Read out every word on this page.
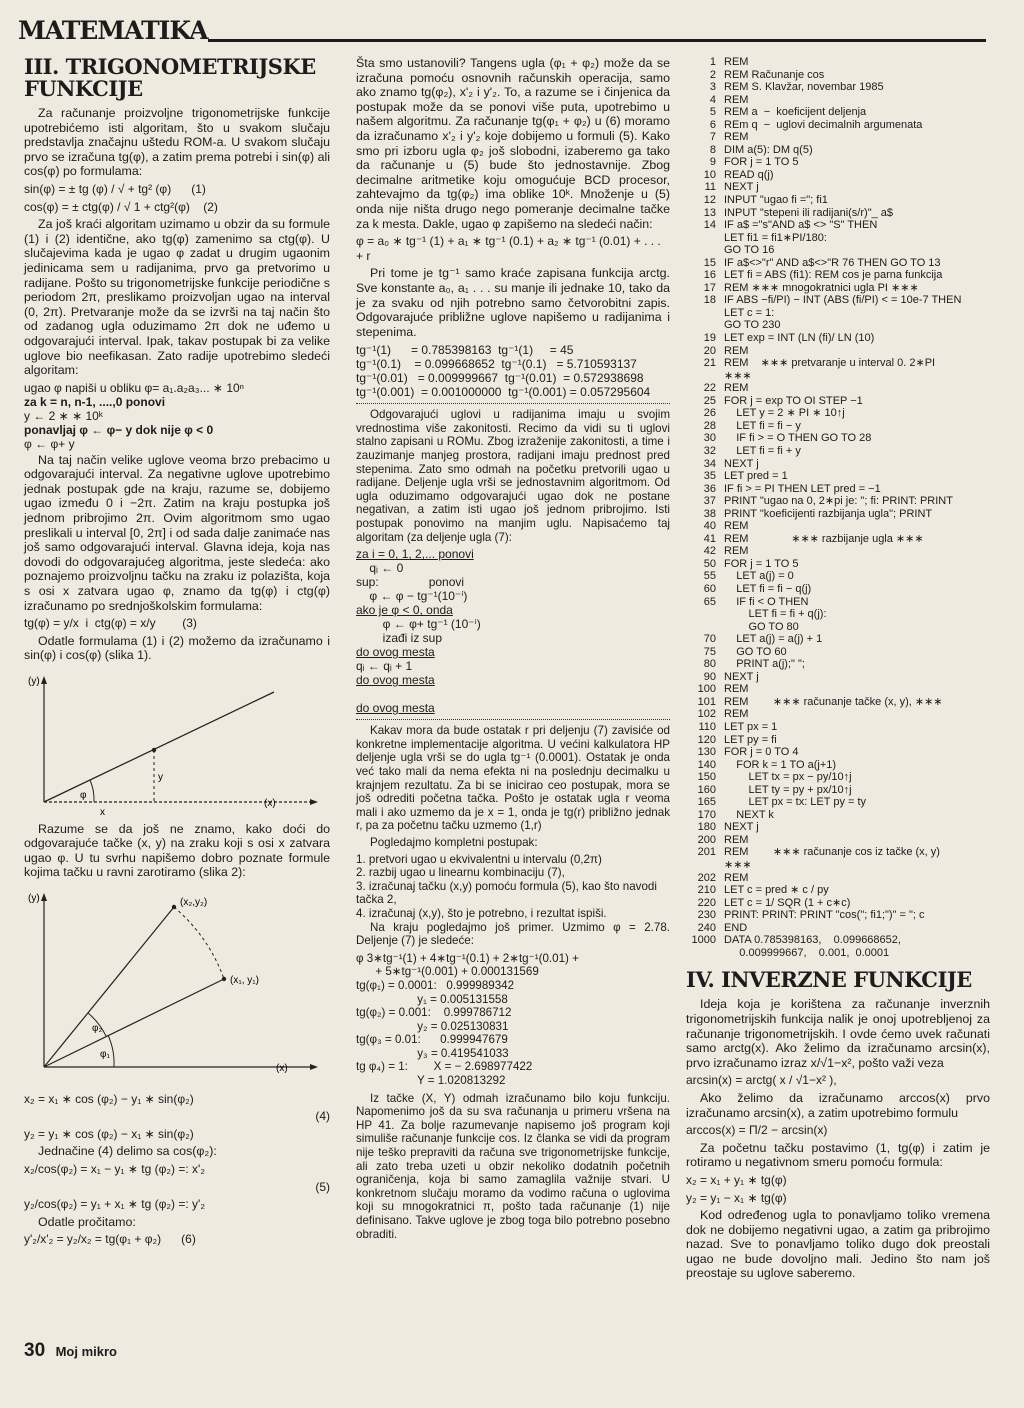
MATEMATIKA
III. TRIGONOMETRIJSKE FUNKCIJE

Za računanje proizvoljne trigonometrijske funkcije upotrebićemo isti algoritam, što u svakom slučaju predstavlja značajnu uštedu ROM-a. U svakom slučaju prvo se izračuna tg(φ), a zatim prema potrebi i sin(φ) ali cos(φ) po formulama:

sin(φ) = ± tg (φ) / √ + tg² (φ)      (1)
cos(φ) = ± ctg(φ) / √ 1 + ctg²(φ)    (2)

Za još kraći algoritam uzimamo u obzir da su formule (1) i (2) identične, ako tg(φ) zamenimo sa ctg(φ). U slučajevima kada je ugao φ zadat u drugim ugaonim jedinicama sem u radijanima, prvo ga pretvorimo u radijane. Pošto su trigonometrijske funkcije periodične s periodom 2π, preslikamo proizvoljan ugao na interval (0, 2π). Pretvaranje može da se izvrši na taj način što od zadanog ugla oduzimamo 2π dok ne uđemo u odgovarajući interval. Ipak, takav postupak bi za velike uglove bio neefikasan. Zato radije upotrebimo sledeći algoritam:

ugao φ napiši u obliku φ= a₁.a₂a₃... ∗ 10ⁿ
za k = n, n-1, ....,0 ponovi
y ← 2 ∗ ∗ 10ᵏ
ponavljaj φ ← φ− y dok nije φ < 0
φ ← φ+ y

Na taj način velike uglove veoma brzo prebacimo u odgovarajući interval. Za negativne uglove upotrebimo jednak postupak gde na kraju, razume se, dobijemo ugao između 0 i −2π. Zatim na kraju postupka još jednom pribrojimo 2π. Ovim algoritmom smo ugao preslikali u interval [0, 2π] i od sada dalje zanimaće nas još samo odgovarajući interval. Glavna ideja, koja nas dovodi do odgovarajućeg algoritma, jeste sledeća: ako poznajemo proizvoljnu tačku na zraku iz polazišta, koja s osi x zatvara ugao φ, znamo da tg(φ) i ctg(φ) izračunamo po srednjoškolskim formulama:

tg(φ) = y/x  i  ctg(φ) = x/y        (3)

Odatle formulama (1) i (2) možemo da izračunamo i sin(φ) i cos(φ) (slika 1).

(y)
(x)
φ
x
y

Razume se da još ne znamo, kako doći do odgovarajuće tačke (x, y) na zraku koji s osi x zatvara ugao φ. U tu svrhu napišemo dobro poznate formule kojima tačku u ravni zarotiramo (slika 2):

(y)
(x)
(x₂,y₂)
(x₁, y₁)
φ₂
φ₁
x₂ = x₁ ∗ cos (φ₂) − y₁ ∗ sin(φ₂)
(4)
y₂ = y₁ ∗ cos (φ₂) − x₁ ∗ sin(φ₂)

Jednačine (4) delimo sa cos(φ₂):

x₂/cos(φ₂) = x₁ − y₁ ∗ tg (φ₂) =: x'₂
(5)
y₂/cos(φ₂) = y₁ + x₁ ∗ tg (φ₂) =: y'₂

Odatle pročitamo:

y'₂/x'₂ = y₂/x₂ = tg(φ₁ + φ₂)      (6)

Šta smo ustanovili? Tangens ugla (φ₁ + φ₂) može da se izračuna pomoću osnovnih računskih operacija, samo ako znamo tg(φ₂), x'₂ i y'₂. To, a razume se i činjenica da postupak može da se ponovi više puta, upotrebimo u našem algoritmu. Za računanje tg(φ₁ + φ₂) u (6) moramo da izračunamo x'₂ i y'₂ koje dobijemo u formuli (5). Kako smo pri izboru ugla φ₂ još slobodni, izaberemo ga tako da računanje u (5) bude što jednostavnije. Zbog decimalne aritmetike koju omogućuje BCD procesor, zahtevajmo da tg(φ₂) ima oblike 10ᵏ. Množenje u (5) onda nije ništa drugo nego pomeranje decimalne tačke za k mesta. Dakle, ugao φ zapišemo na sledeći način:

φ = a₀ ∗ tg⁻¹ (1) + a₁ ∗ tg⁻¹ (0.1) + a₂ ∗ tg⁻¹ (0.01) + . . . + r

Pri tome je tg⁻¹ samo kraće zapisana funkcija arctg. Sve konstante a₀, a₁ . . . su manje ili jednake 10, tako da je za svaku od njih potrebno samo četvorobitni zapis. Odgovarajuće približne uglove napišemo u radijanima i stepenima.

tg⁻¹(1)      = 0.785398163  tg⁻¹(1)     = 45
tg⁻¹(0.1)    = 0.099668652  tg⁻¹(0.1)   = 5.710593137
tg⁻¹(0.01)   = 0.009999667  tg⁻¹(0.01)  = 0.572938698
tg⁻¹(0.001)  = 0.001000000  tg⁻¹(0.001) = 0.057295604

Odgovarajući uglovi u radijanima imaju u svojim vrednostima više zakonitosti. Recimo da vidi su ti uglovi stalno zapisani u ROMu. Zbog izraženije zakonitosti, a time i zauzimanje manjeg prostora, radijani imaju prednost pred stepenima. Zato smo odmah na početku pretvorili ugao u radijane. Deljenje ugla vrši se jednostavnim algoritmom. Od ugla oduzimamo odgovarajući ugao dok ne postane negativan, a zatim isti ugao još jednom pribrojimo. Isti postupak ponovimo na manjim uglu. Napisaćemo taj algoritam (za deljenje ugla (7):

za i = 0, 1, 2,... ponovi
qᵢ ← 0
sup:               ponovi
φ ← φ − tg⁻¹(10⁻ⁱ)
ako je φ < 0, onda
φ ← φ+ tg⁻¹ (10⁻ⁱ)
izađi iz sup
do ovog mesta
qᵢ ← qᵢ + 1
do ovog mesta

do ovog mesta

Kakav mora da bude ostatak r pri deljenju (7) zavisiće od konkretne implementacije algoritma. U većini kalkulatora HP deljenje ugla vrši se do ugla tg⁻¹ (0.0001). Ostatak je onda već tako mali da nema efekta ni na poslednju decimalku u krajnjem rezultatu. Za bi se iniciraо ceo postupak, mora se još odrediti početna tačka. Pošto je ostatak ugla r veoma mali i ako uzmemo da je x = 1, onda je tg(r) približno jednak r, pa za početnu tačku uzmemo (1,r)

Pogledajmo kompletni postupak:

1. pretvori ugao u ekvivalentni u intervalu (0,2π)
2. razbij ugao u linearnu kombinaciju (7),
3. izračunaj tačku (x,y) pomoću formula (5), kao što navodi tačka 2,
4. izračunaj (x,y), što je potrebno, i rezultat ispiši.

Na kraju pogledajmo još primer. Uzmimo φ = 2.78. Deljenje (7) je sledeće:

φ 3∗tg⁻¹(1) + 4∗tg⁻¹(0.1) + 2∗tg⁻¹(0.01) +
+ 5∗tg⁻¹(0.001) + 0.000131569
tg(φ₁) = 0.0001:   0.999989342
y₁ = 0.005131558
tg(φ₂) = 0.001:    0.999786712
y₂ = 0.025130831
tg(φ₃ = 0.01:      0.999947679
y₃ = 0.419541033
tg φ₄) = 1:        X = − 2.698977422
Y = 1.020813292

Iz tačke (X, Y) odmah izračunamo bilo koju funkciju. Napomenimo još da su sva računanja u primeru vršena na HP 41. Za bolje razumevanje napisemo još program koji simulišе računanje funkcije cos. Iz članka se vidi da program nije teško prepraviti da računa sve trigonometrijske funkcije, ali zato treba uzeti u obzir nekoliko dodatnih početnih ograničenja, koja bi samo zamaglila važnije stvari. U konkretnom slučaju moramo da vodimo računa o uglovima koji su mnogokratnici π, pošto tada računanje (1) nije definisano. Takve uglove je zbog toga bilo potrebno posebno obraditi.

1 REM
2 REM Računanje cos
3 REM S. Klavžar, novembar 1985
4 REM
5 REM a  −  koeficijent deljenja
6 REm q  −  uglovi decimalnih argumenata
7 REM
8 DIM a(5): DM q(5)
9 FOR j = 1 TO 5
10 READ q(j)
11 NEXT j
12 INPUT "ugao fi ="; fi1
13 INPUT "stepeni ili radijani(s/r)"_ a$
14 IF a$ ="s"AND a$ <> "S" THEN
LET fi1 = fi1∗PI/180:
GO TO 16
15 IF a$<>"r" AND a$<>"R 76 THEN GO TO 13
16 LET fi = ABS (fi1): REM cos je parna funkcija
17 REM ∗∗∗ mnogokratnici ugla PI ∗∗∗
18 IF ABS −fi/PI) − INT (ABS (fi/PI) < = 10e-7 THEN
LET c = 1:
GO TO 230
19 LET exp = INT (LN (fi)/ LN (10)
20 REM
21 REM    ∗∗∗ pretvaranje u interval 0. 2∗PI
∗∗∗
22 REM
25 FOR j = exp TO OI STEP −1
26 LET y = 2 ∗ PI ∗ 10↑j
28 LET fi = fi − y
30 IF fi > = O THEN GO TO 28
32 LET fi = fi + y
34 NEXT j
35 LET pred = 1
36 IF fi > = PI THEN LET pred = −1
37 PRINT "ugao na 0, 2∗pi je: "; fi: PRINT: PRINT
38 PRINT "koeficijenti razbijanja ugla"; PRINT
40 REM
41 REM              ∗∗∗ razbijanje ugla ∗∗∗
42 REM
50 FOR j = 1 TO 5
55 LET a(j) = 0
60 LET fi = fi − q(j)
65 IF fi < O THEN
LET fi = fi + q(j):
GO TO 80
70 LET a(j) = a(j) + 1
75 GO TO 60
80 PRINT a(j);" ";
90 NEXT j
100 REM
101 REM        ∗∗∗ računanje tačke (x, y), ∗∗∗
102 REM
110 LET px = 1
120 LET py = fi
130 FOR j = 0 TO 4
140 FOR k = 1 TO a(j+1)
150 LET tx = px − py/10↑j
160 LET ty = py + px/10↑j
165 LET px = tx: LET py = ty
170 NEXT k
180 NEXT j
200 REM
201 REM        ∗∗∗ računanje cos iz tačke (x, y)
∗∗∗
202 REM
210 LET c = pred ∗ c / py
220 LET c = 1/ SQR (1 + c∗c)
230 PRINT: PRINT: PRINT "cos("; fi1;")" = "; c
240 END
1000 DATA 0.785398163,    0.099668652,
0.009999667,    0.001,  0.0001
IV. INVERZNE FUNKCIJE

Ideja koja je korištena za računanje inverznih trigonometrijskih funkcija nalik je onoj upotrebljenoj za računanje trigonometrijskih. I ovde ćemo uvek računati samo arctg(x). Ako želimo da izračunamo arcsin(x), prvo izračunamo izraz x/√1−x², pošto važi veza

arcsin(x) = arctg( x / √1−x² ),

Ako želimo da izračunamo arccos(x) prvo izračunamo arcsin(x), a zatim upotrebimo formulu

arccos(x) = Π/2 − arcsin(x)

Za početnu tačku postavimo (1, tg(φ) i zatim je rotiramo u negativnom smeru pomoću formula:

x₂ = x₁ + y₁ ∗ tg(φ)
y₂ = y₁ − x₁ ∗ tg(φ)

Kod određenog ugla to ponavljamo toliko vremena dok ne dobijemo negativni ugao, a zatim ga pribrojimo nazad. Sve to ponavljamo toliko dugo dok preostali ugao ne bude dovoljno mali. Jedino što nam još preostaje su uglove saberemo.

30 Moj mikro
